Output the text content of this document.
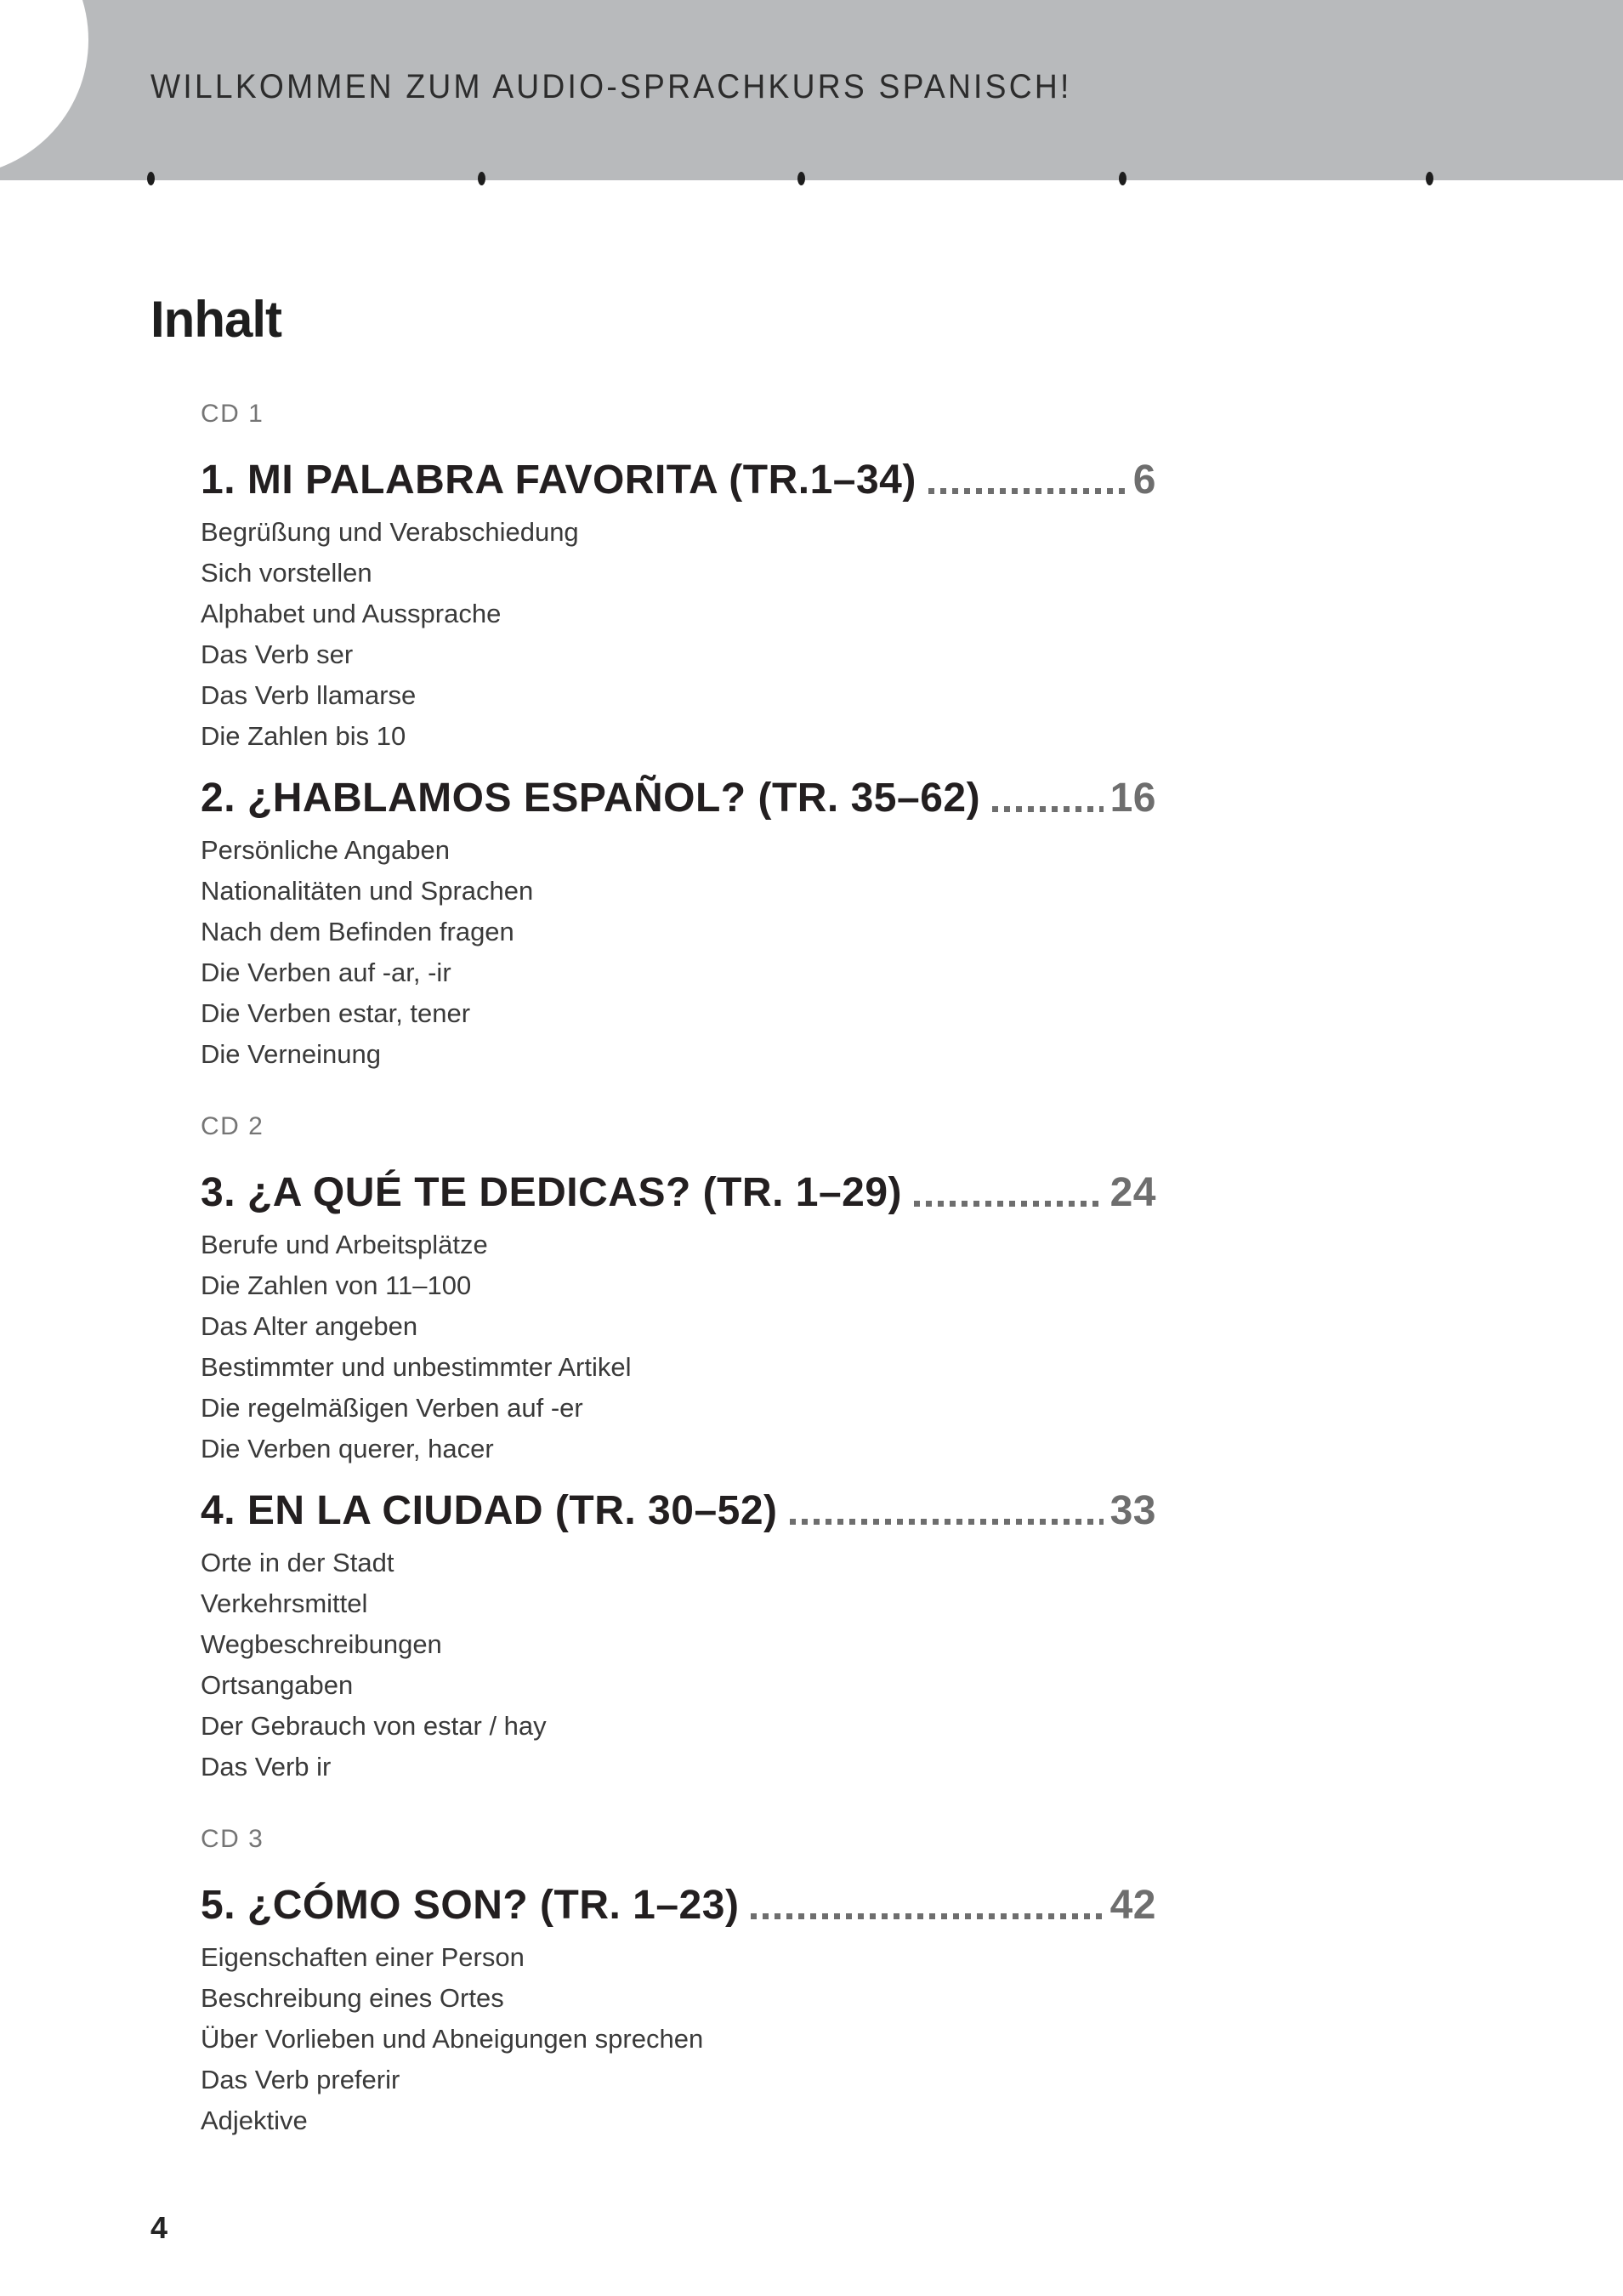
WILLKOMMEN ZUM AUDIO-SPRACHKURS SPANISCH!
Inhalt
CD 1
1. MI PALABRA FAVORITA (TR.1–34)	6
Begrüßung und Verabschiedung
Sich vorstellen
Alphabet und Aussprache
Das Verb ser
Das Verb llamarse
Die Zahlen bis 10
2. ¿HABLAMOS ESPAÑOL? (TR. 35–62)	16
Persönliche Angaben
Nationalitäten und Sprachen
Nach dem Befinden fragen
Die Verben auf -ar, -ir
Die Verben estar, tener
Die Verneinung
CD 2
3. ¿A QUÉ TE DEDICAS? (TR. 1–29)	24
Berufe und Arbeitsplätze
Die Zahlen von 11–100
Das Alter angeben
Bestimmter und unbestimmter Artikel
Die regelmäßigen Verben auf -er
Die Verben querer, hacer
4. EN LA CIUDAD (TR. 30–52)	33
Orte in der Stadt
Verkehrsmittel
Wegbeschreibungen
Ortsangaben
Der Gebrauch von estar / hay
Das Verb ir
CD 3
5. ¿CÓMO SON? (TR. 1–23)	42
Eigenschaften einer Person
Beschreibung eines Ortes
Über Vorlieben und Abneigungen sprechen
Das Verb preferir
Adjektive
4
